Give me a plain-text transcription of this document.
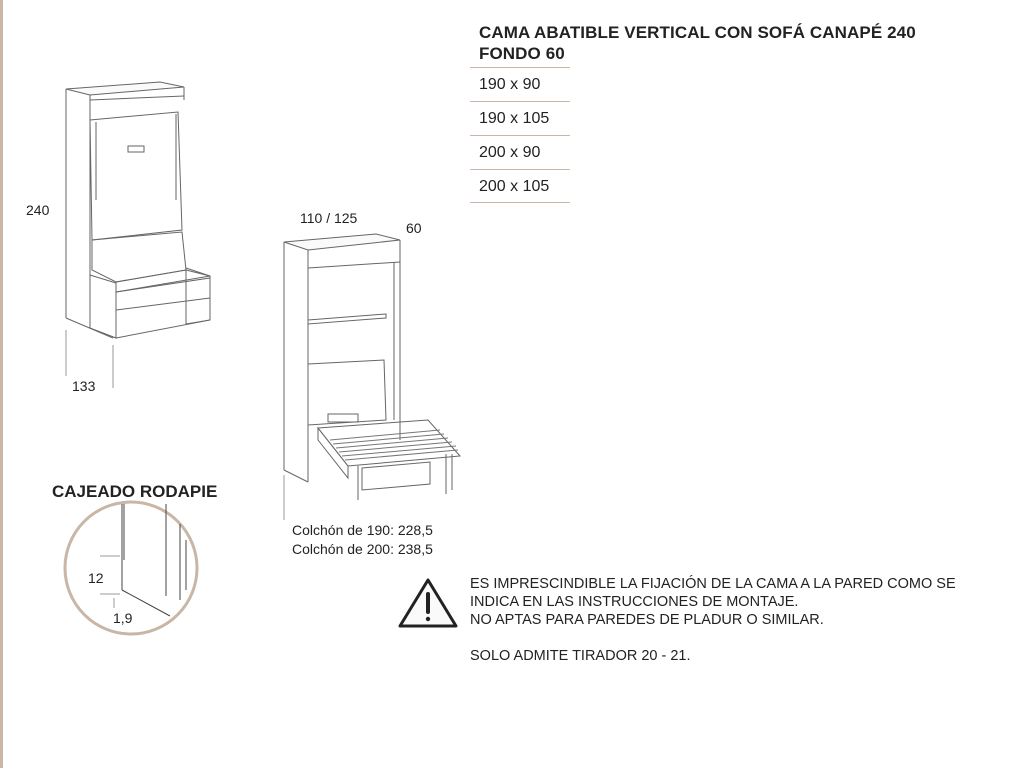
240
133
110 / 125
60
Colchón de 190: 228,5
Colchón de 200: 238,5
CAJEADO RODAPIE
12
1,9
CAMA ABATIBLE VERTICAL CON SOFÁ CANAPÉ 240
FONDO 60
190 x 90
190 x 105
200 x 90
200 x 105

ES IMPRESCINDIBLE LA FIJACIÓN DE LA CAMA A LA PARED COMO SE

INDICA EN LAS INSTRUCCIONES DE MONTAJE.

NO APTAS PARA PAREDES DE PLADUR O SIMILAR.

SOLO ADMITE TIRADOR 20 - 21.
